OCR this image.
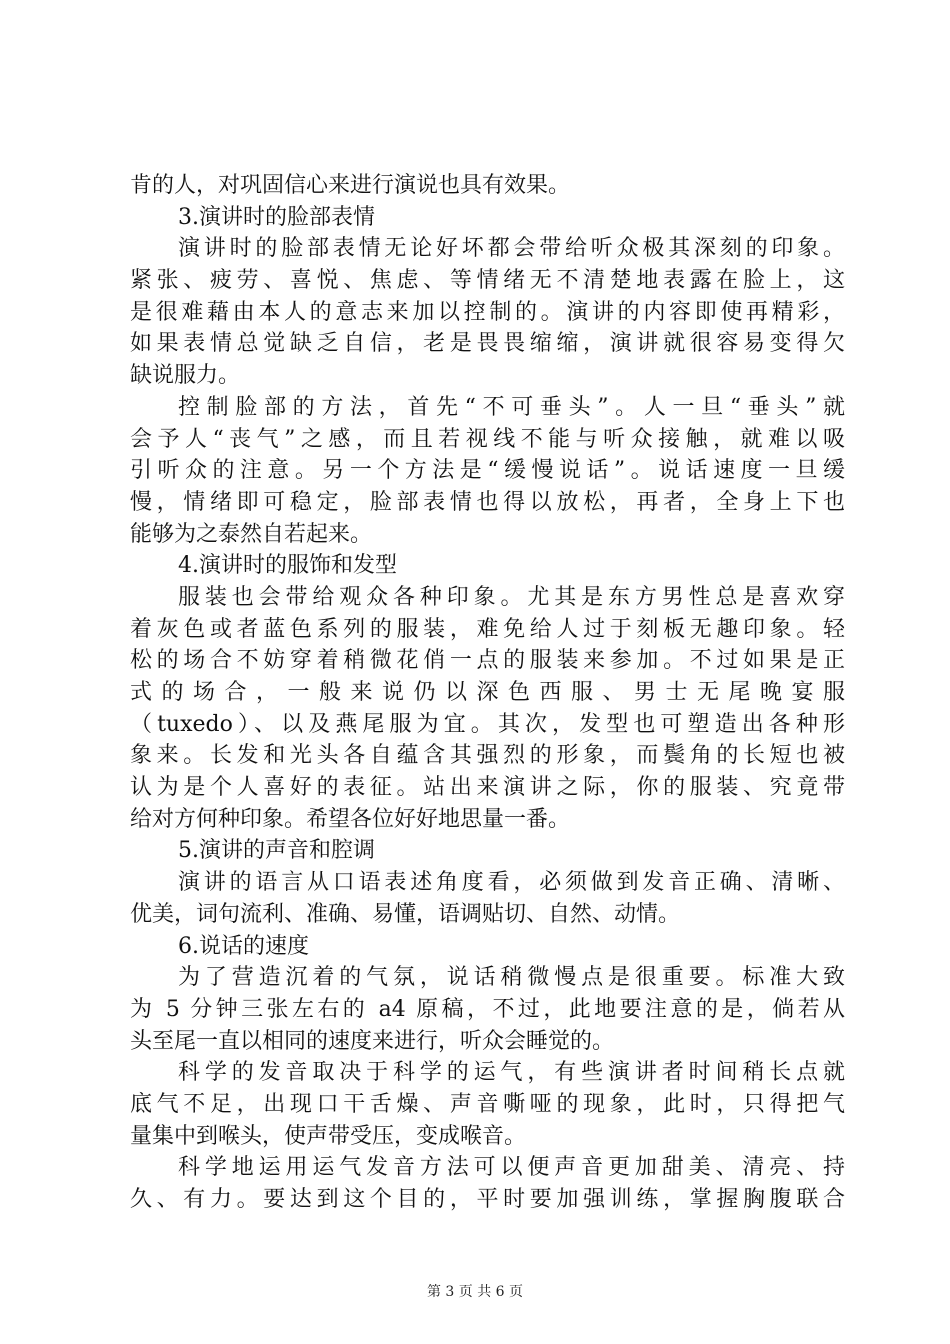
肯的人，对巩固信心来进行演说也具有效果。
3.演讲时的脸部表情
演讲时的脸部表情无论好坏都会带给听众极其深刻的印象。
紧张、疲劳、喜悦、焦虑、等情绪无不清楚地表露在脸上，这
是很难藉由本人的意志来加以控制的。演讲的内容即使再精彩，
如果表情总觉缺乏自信，老是畏畏缩缩，演讲就很容易变得欠
缺说服力。
控制脸部的方法，首先“不可垂头”。人一旦“垂头”就
会予人“丧气”之感，而且若视线不能与听众接触，就难以吸
引听众的注意。另一个方法是“缓慢说话”。说话速度一旦缓
慢，情绪即可稳定，脸部表情也得以放松，再者，全身上下也
能够为之泰然自若起来。
4.演讲时的服饰和发型
服装也会带给观众各种印象。尤其是东方男性总是喜欢穿
着灰色或者蓝色系列的服装，难免给人过于刻板无趣印象。轻
松的场合不妨穿着稍微花俏一点的服装来参加。不过如果是正
式的场合，一般来说仍以深色西服、男士无尾晚宴服
（tuxedo）、以及燕尾服为宜。其次，发型也可塑造出各种形
象来。长发和光头各自蕴含其强烈的形象，而鬓角的长短也被
认为是个人喜好的表征。站出来演讲之际，你的服装、究竟带
给对方何种印象。希望各位好好地思量一番。
5.演讲的声音和腔调
演讲的语言从口语表述角度看，必须做到发音正确、清晰、
优美，词句流利、准确、易懂，语调贴切、自然、动情。
6.说话的速度
为了营造沉着的气氛，说话稍微慢点是很重要。标准大致
为 5 分钟三张左右的 a4 原稿，不过，此地要注意的是，倘若从
头至尾一直以相同的速度来进行，听众会睡觉的。
科学的发音取决于科学的运气，有些演讲者时间稍长点就
底气不足，出现口干舌燥、声音嘶哑的现象，此时，只得把气
量集中到喉头，使声带受压，变成喉音。
科学地运用运气发音方法可以便声音更加甜美、清亮、持
久、有力。要达到这个目的，平时要加强训练，掌握胸腹联合
第 3 页 共 6 页
